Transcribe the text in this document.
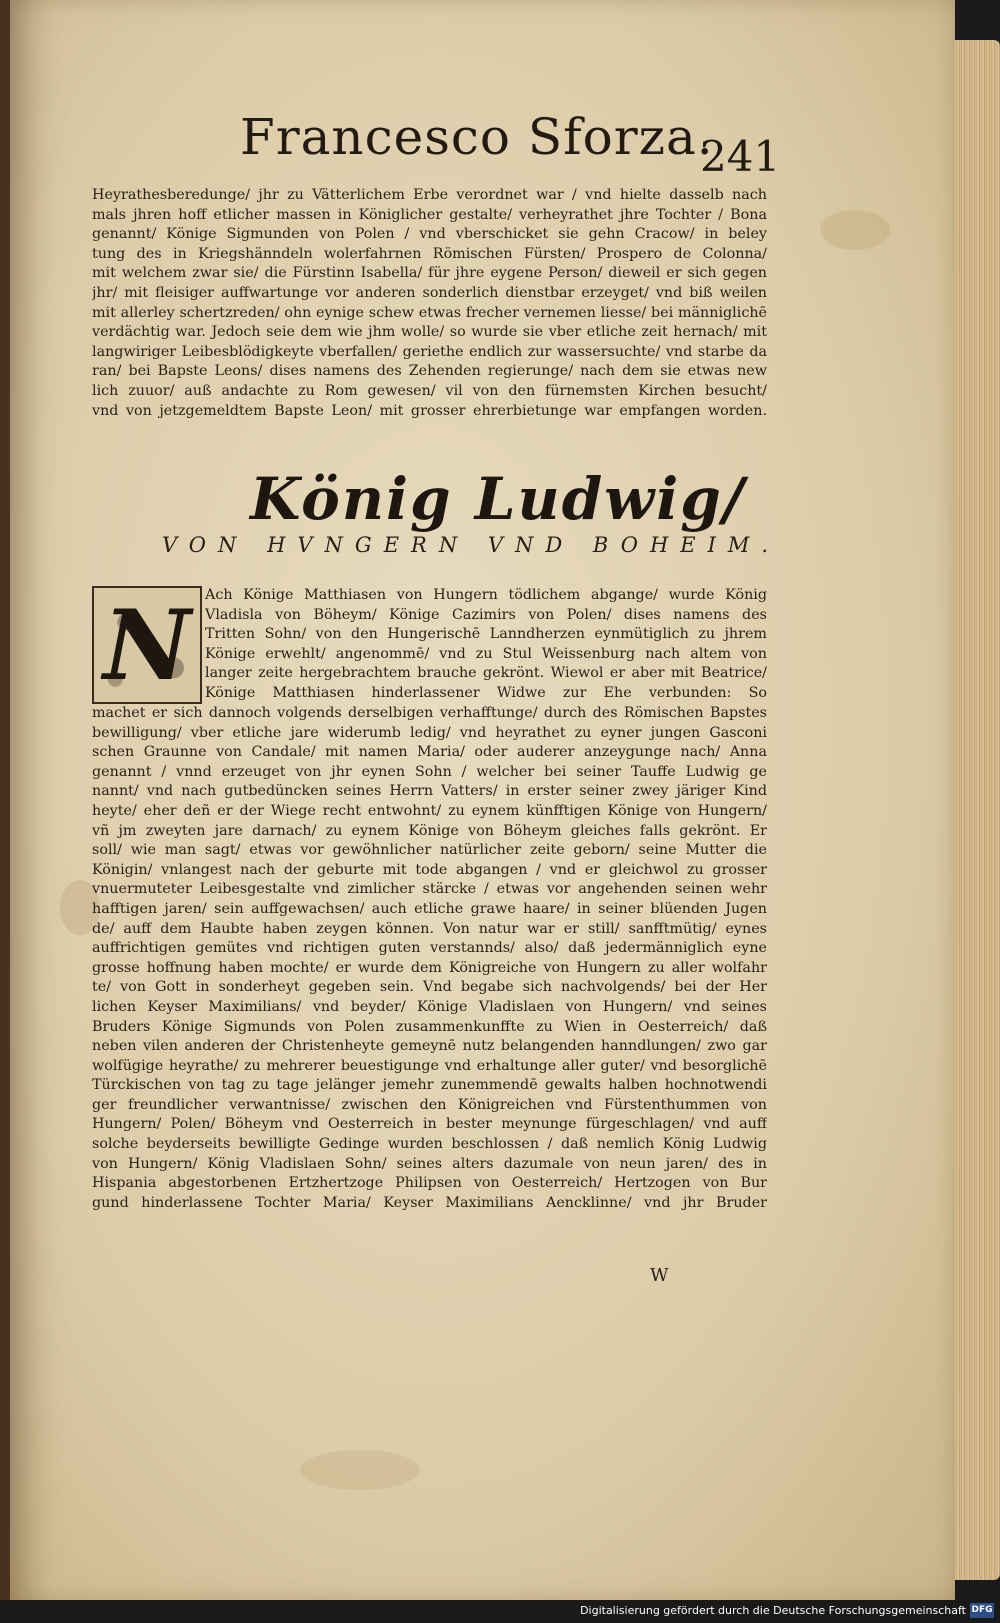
Francesco Sforza.
241
Heyrathesberedunge/ jhr zu Vätterlichem Erbe verordnet war / vnd hielte dasselb nach
mals jhren hoff etlicher massen in Königlicher gestalte/ verheyrathet jhre Tochter / Bona
genannt/ Könige Sigmunden von Polen / vnd vberschicket sie gehn Cracow/ in beley
tung des in Kriegshänndeln wolerfahrnen Römischen Fürsten/ Prospero de Colonna/
mit welchem zwar sie/ die Fürstinn Isabella/ für jhre eygene Person/ dieweil er sich gegen
jhr/ mit fleisiger auffwartunge vor anderen sonderlich dienstbar erzeyget/ vnd biß weilen
mit allerley schertzreden/ ohn eynige schew etwas frecher vernemen liesse/ bei männiglichē
verdächtig war. Jedoch seie dem wie jhm wolle/ so wurde sie vber etliche zeit hernach/ mit
langwiriger Leibesblödigkeyte vberfallen/ geriethe endlich zur wassersuchte/ vnd starbe da
ran/ bei Bapste Leons/ dises namens des Zehenden regierunge/ nach dem sie etwas new
lich zuuor/ auß andachte zu Rom gewesen/ vil von den fürnemsten Kirchen besucht/
vnd von jetzgemeldtem Bapste Leon/ mit grosser ehrerbietunge war empfangen worden.
König Ludwig/
VON HVNGERN VND BOHEIM.
N Ach Könige Matthiasen von Hungern tödlichem abgange/ wurde König
Vladisla von Böheym/ Könige Cazimirs von Polen/ dises namens des
Tritten Sohn/ von den Hungerischē Lanndherzen eynmütiglich zu jhrem
Könige erwehlt/ angenommē/ vnd zu Stul Weissenburg nach altem von
langer zeite hergebrachtem brauche gekrönt. Wiewol er aber mit Beatrice/
Könige Matthiasen hinderlassener Widwe zur Ehe verbunden: So
machet er sich dannoch volgends derselbigen verhafftunge/ durch des Römischen Bapstes
bewilligung/ vber etliche jare widerumb ledig/ vnd heyrathet zu eyner jungen Gasconi
schen Graunne von Candale/ mit namen Maria/ oder auderer anzeygunge nach/ Anna
genannt / vnnd erzeuget von jhr eynen Sohn / welcher bei seiner Tauffe Ludwig ge
nannt/ vnd nach gutbedüncken seines Herrn Vatters/ in erster seiner zwey järiger Kind
heyte/ eher deñ er der Wiege recht entwohnt/ zu eynem künfftigen Könige von Hungern/
vñ jm zweyten jare darnach/ zu eynem Könige von Böheym gleiches falls gekrönt. Er
soll/ wie man sagt/ etwas vor gewöhnlicher natürlicher zeite geborn/ seine Mutter die
Königin/ vnlangest nach der geburte mit tode abgangen / vnd er gleichwol zu grosser
vnuermuteter Leibesgestalte vnd zimlicher stärcke / etwas vor angehenden seinen wehr
hafftigen jaren/ sein auffgewachsen/ auch etliche grawe haare/ in seiner blüenden Jugen
de/ auff dem Haubte haben zeygen können. Von natur war er still/ sanfftmütig/ eynes
auffrichtigen gemütes vnd richtigen guten verstannds/ also/ daß jedermänniglich eyne
grosse hoffnung haben mochte/ er wurde dem Königreiche von Hungern zu aller wolfahr
te/ von Gott in sonderheyt gegeben sein. Vnd begabe sich nachvolgends/ bei der Her
lichen Keyser Maximilians/ vnd beyder/ Könige Vladislaen von Hungern/ vnd seines
Bruders Könige Sigmunds von Polen zusammenkunffte zu Wien in Oesterreich/ daß
neben vilen anderen der Christenheyte gemeynē nutz belangenden hanndlungen/ zwo gar
wolfügige heyrathe/ zu mehrerer beuestigunge vnd erhaltunge aller guter/ vnd besorglichē
Türckischen von tag zu tage jelänger jemehr zunemmendē gewalts halben hochnotwendi
ger freundlicher verwantnisse/ zwischen den Königreichen vnd Fürstenthummen von
Hungern/ Polen/ Böheym vnd Oesterreich in bester meynunge fürgeschlagen/ vnd auff
solche beyderseits bewilligte Gedinge wurden beschlossen / daß nemlich König Ludwig
von Hungern/ König Vladislaen Sohn/ seines alters dazumale von neun jaren/ des in
Hispania abgestorbenen Ertzhertzoge Philipsen von Oesterreich/ Hertzogen von Bur
gund hinderlassene Tochter Maria/ Keyser Maximilians Aencklinne/ vnd jhr Bruder
W
Digitalisierung gefördert durch die Deutsche Forschungsgemeinschaft DFG
